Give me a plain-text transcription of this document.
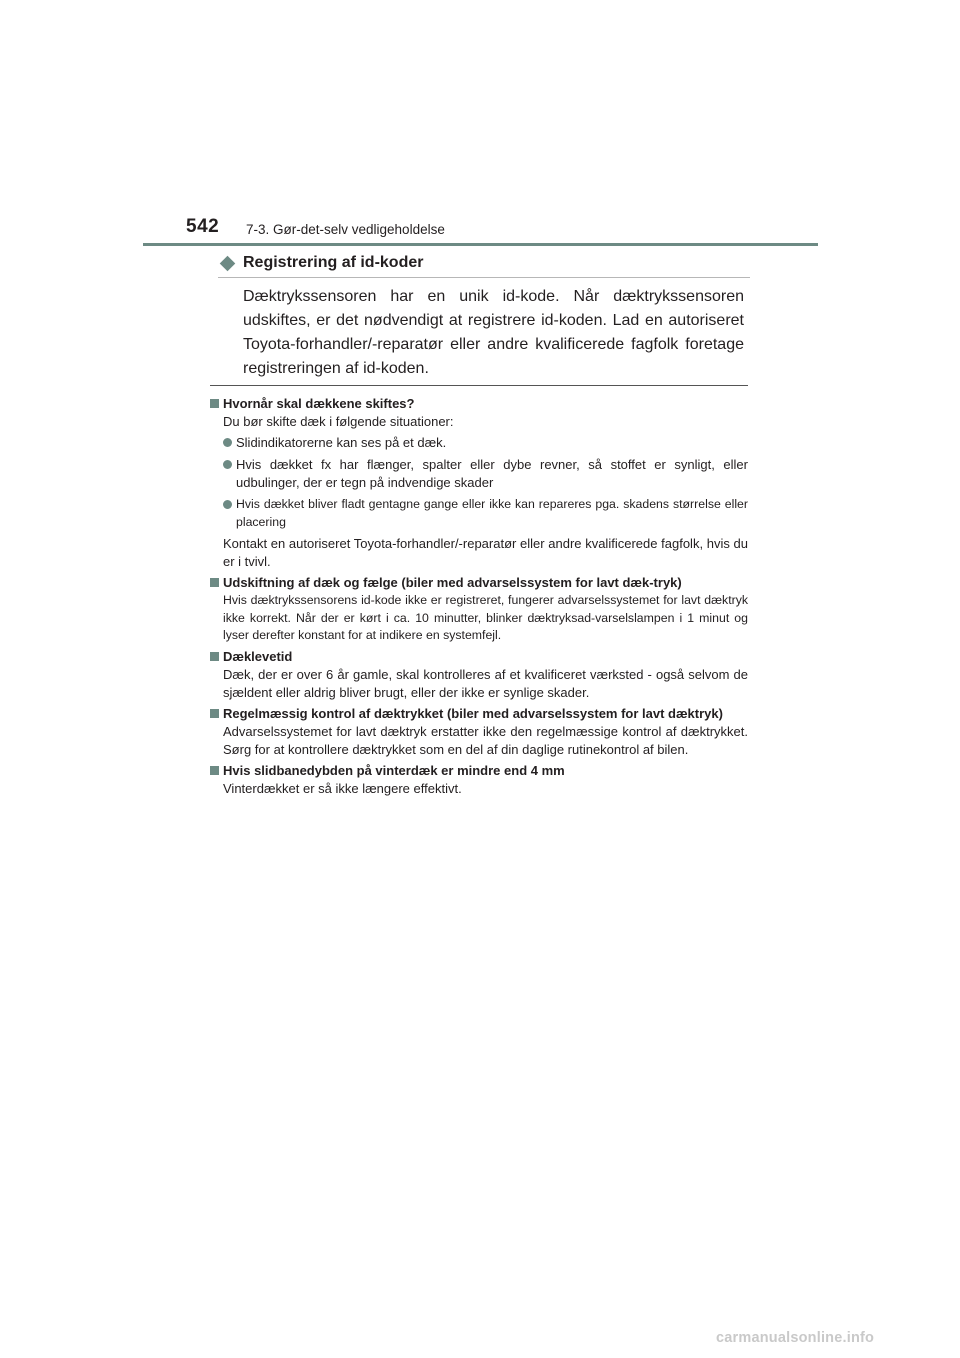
542 7-3. Gør-det-selv vedligeholdelse
Registrering af id-koder
Dæktrykssensoren har en unik id-kode. Når dæktrykssensoren udskiftes, er det nødvendigt at registrere id-koden. Lad en autoriseret Toyota-forhandler/-reparatør eller andre kvalificerede fagfolk foretage registreringen af id-koden.
Hvornår skal dækkene skiftes?
Du bør skifte dæk i følgende situationer:
Slidindikatorerne kan ses på et dæk.
Hvis dækket fx har flænger, spalter eller dybe revner, så stoffet er synligt, eller udbulinger, der er tegn på indvendige skader
Hvis dækket bliver fladt gentagne gange eller ikke kan repareres pga. skadens størrelse eller placering
Kontakt en autoriseret Toyota-forhandler/-reparatør eller andre kvalificerede fagfolk, hvis du er i tvivl.
Udskiftning af dæk og fælge (biler med advarselssystem for lavt dæk-tryk)
Hvis dæktrykssensorens id-kode ikke er registreret, fungerer advarselssystemet for lavt dæktryk ikke korrekt. Når der er kørt i ca. 10 minutter, blinker dæktryksad-varselslampen i 1 minut og lyser derefter konstant for at indikere en systemfejl.
Dæklevetid
Dæk, der er over 6 år gamle, skal kontrolleres af et kvalificeret værksted - også selvom de sjældent eller aldrig bliver brugt, eller der ikke er synlige skader.
Regelmæssig kontrol af dæktrykket (biler med advarselssystem for lavt dæktryk)
Advarselssystemet for lavt dæktryk erstatter ikke den regelmæssige kontrol af dæktrykket. Sørg for at kontrollere dæktrykket som en del af din daglige rutinekontrol af bilen.
Hvis slidbanedybden på vinterdæk er mindre end 4 mm
Vinterdækket er så ikke længere effektivt.
carmanualsonline.info
